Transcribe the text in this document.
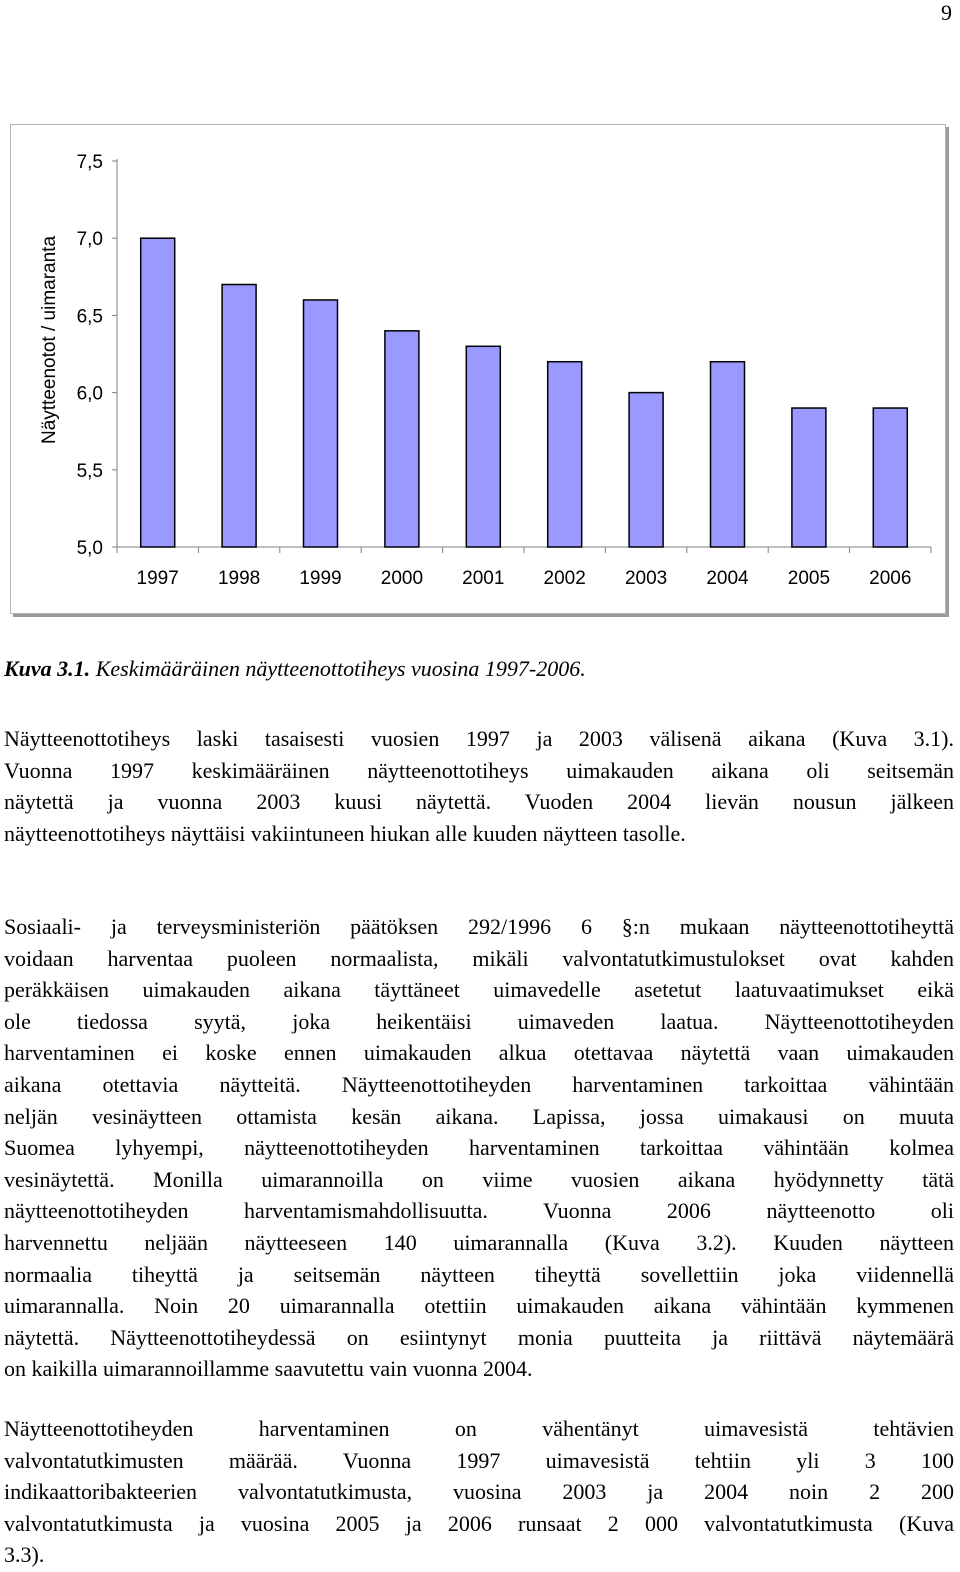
9
5,0
5,5
6,0
6,5
7,0
7,5
1997 1998 1999 2000 2001 2002 2003 2004 2005 2006
Näytteenotot / uimaranta
Kuva 3.1. Keskimääräinen näytteenottotiheys vuosina 1997-2006.
Näytteenottotiheys laski tasaisesti vuosien 1997 ja 2003 välisenä aikana (Kuva 3.1).
Vuonna 1997 keskimääräinen näytteenottotiheys uimakauden aikana oli seitsemän
näytettä ja vuonna 2003 kuusi näytettä. Vuoden 2004 lievän nousun jälkeen
näytteenottotiheys näyttäisi vakiintuneen hiukan alle kuuden näytteen tasolle.
Sosiaali- ja terveysministeriön päätöksen 292/1996 6 §:n mukaan näytteenottotiheyttä
voidaan harventaa puoleen normaalista, mikäli valvontatutkimustulokset ovat kahden
peräkkäisen uimakauden aikana täyttäneet uimavedelle asetetut laatuvaatimukset eikä
ole tiedossa syytä, joka heikentäisi uimaveden laatua. Näytteenottotiheyden
harventaminen ei koske ennen uimakauden alkua otettavaa näytettä vaan uimakauden
aikana otettavia näytteitä. Näytteenottotiheyden harventaminen tarkoittaa vähintään
neljän vesinäytteen ottamista kesän aikana. Lapissa, jossa uimakausi on muuta
Suomea lyhyempi, näytteenottotiheyden harventaminen tarkoittaa vähintään kolmea
vesinäytettä. Monilla uimarannoilla on viime vuosien aikana hyödynnetty tätä
näytteenottotiheyden harventamismahdollisuutta. Vuonna 2006 näytteenotto oli
harvennettu neljään näytteeseen 140 uimarannalla (Kuva 3.2). Kuuden näytteen
normaalia tiheyttä ja seitsemän näytteen tiheyttä sovellettiin joka viidennellä
uimarannalla. Noin 20 uimarannalla otettiin uimakauden aikana vähintään kymmenen
näytettä. Näytteenottotiheydessä on esiintynyt monia puutteita ja riittävä näytemäärä
on kaikilla uimarannoillamme saavutettu vain vuonna 2004.
Näytteenottotiheyden harventaminen on vähentänyt uimavesistä tehtävien
valvontatutkimusten määrää. Vuonna 1997 uimavesistä tehtiin yli 3 100
indikaattoribakteerien valvontatutkimusta, vuosina 2003 ja 2004 noin 2 200
valvontatutkimusta ja vuosina 2005 ja 2006 runsaat 2 000 valvontatutkimusta (Kuva
3.3).
